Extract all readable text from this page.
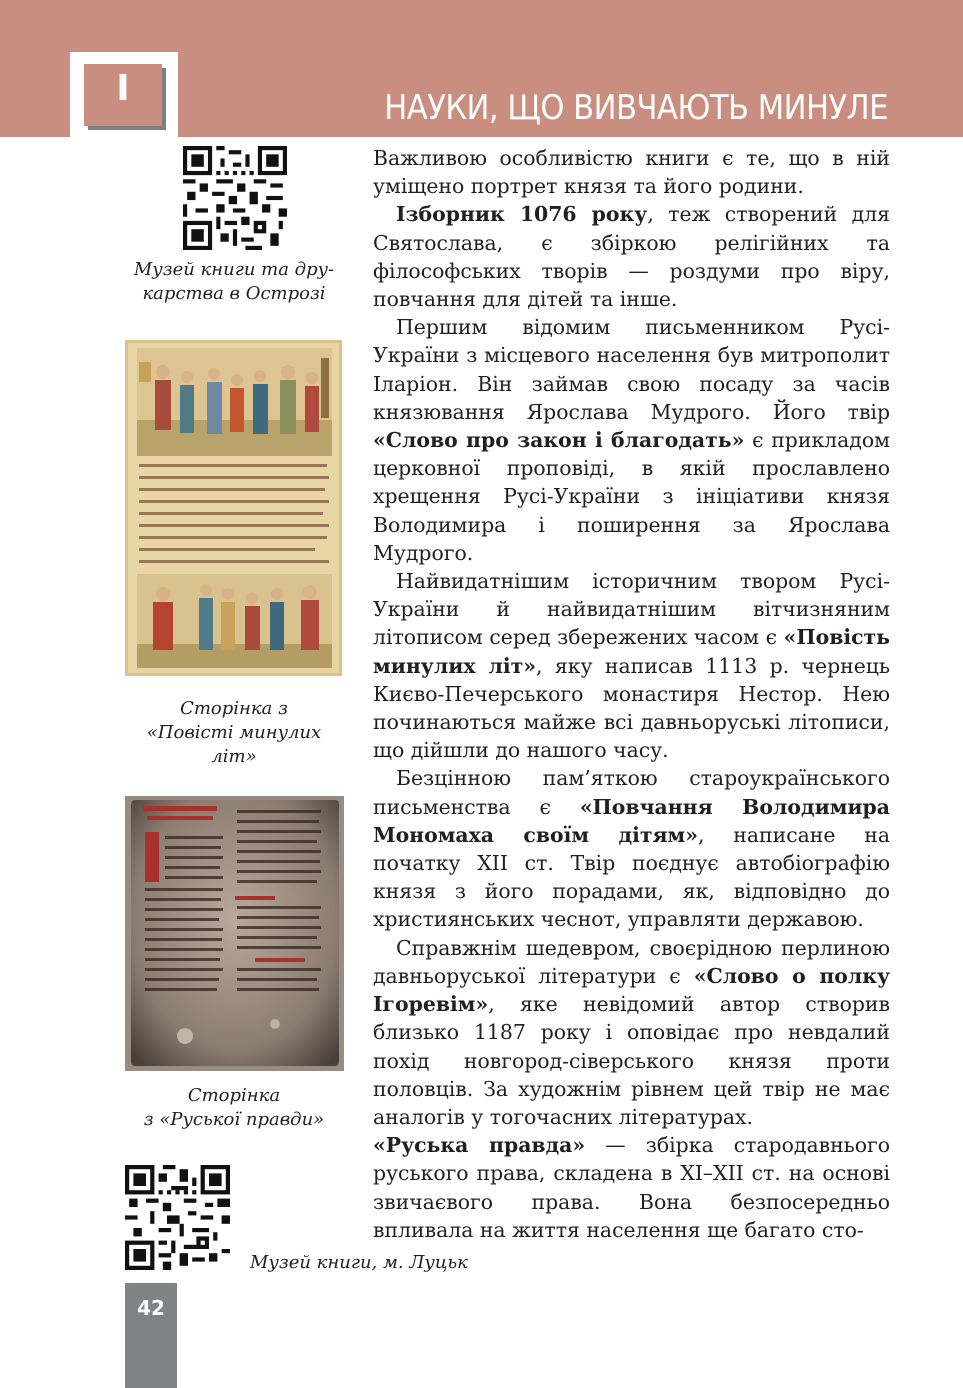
I	НАУКИ, ЩО ВИВЧАЮТЬ МИНУЛЕ
Музей книги та дру-
карства в Острозі
Сторінка з
«Повісті минулих
літ»
Сторінка
з «Руської правди»
Музей книги, м. Луцьк

Важливою особливістю книги є те, що в ній уміщено портрет князя та його родини.

Ізборник 1076 року, теж створений для Святослава, є збіркою релігійних та філософських творів — роздуми про віру, повчання для дітей та інше.

Першим відомим письменником Русі-України з місцевого населення був митрополит Іларіон. Він займав свою посаду за часів князювання Ярослава Мудрого. Його твір «Слово про закон і благодать» є прикладом церковної проповіді, в якій прославлено хрещення Русі-України з ініціативи князя Володимира і поширення за Ярослава Мудрого.

Найвидатнішим історичним твором Русі-України й найвидатнішим вітчизняним літописом серед збережених часом є «Повість минулих літ», яку написав 1113 р. чернець Києво-Печерського монастиря Нестор. Нею починаються майже всі давньоруські літописи, що дійшли до нашого часу.

Безцінною пам’яткою староукраїнського письменства є «Повчання Володимира Мономаха своїм дітям», написане на початку XII ст. Твір поєднує автобіографію князя з його порадами, як, відповідно до християнських чеснот, управляти державою.

Справжнім шедевром, своєрідною перлиною давньоруської літератури є «Слово о полку Ігоревім», яке невідомий автор створив близько 1187 року і оповідає про невдалий похід новгород-сіверського князя проти половців. За художнім рівнем цей твір не має аналогів у тогочасних літературах.

«Руська правда» — збірка стародавнього руського права, складена в XI–XII ст. на основі звичаєвого права. Вона безпосередньо впливала на життя населення ще багато сто-

42
